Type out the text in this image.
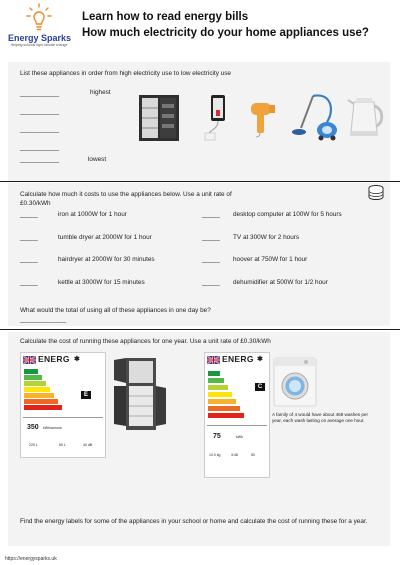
Energy Sparks
Helping schools fight climate change
Learn how to read energy bills
How much electricity do your home appliances use?
List these appliances in order from high electricity use to low electricity use
___________	highest
___________
___________
___________
___________	lowest
Calculate how much it costs to use the appliances below. Use a unit rate of
£0.30/kWh
_____	iron at 1000W for 1 hour	_____ desktop computer at 100W for 5 hours
_____	tumble dryer at 2000W for 1 hour	_____ TV at 300W for 2 hours
_____	hairdryer at 2000W for 30 minutes	_____ hoover at 750W for 1 hour
_____	kettle at 3000W for 15 minutes	_____ dehumidifier at 500W for 1/2 hour
What would the total of using all of these appliances in one day be?
_____________
Calculate the cost of running these appliances for one year. Use a unit rate of £0.30/kWh
ENERG ✱
E
350 kWh/annum
220 L	60 L	40 dB
ENERG ✱
C
75	kWh
10.0 kg	3:48	50
A family of 4 would have about 468 washes per year, each wash lasting on average one hour.
Find the energy labels for some of the appliances in your school or home and calculate the cost of running these for a year.
https://energysparks.uk
